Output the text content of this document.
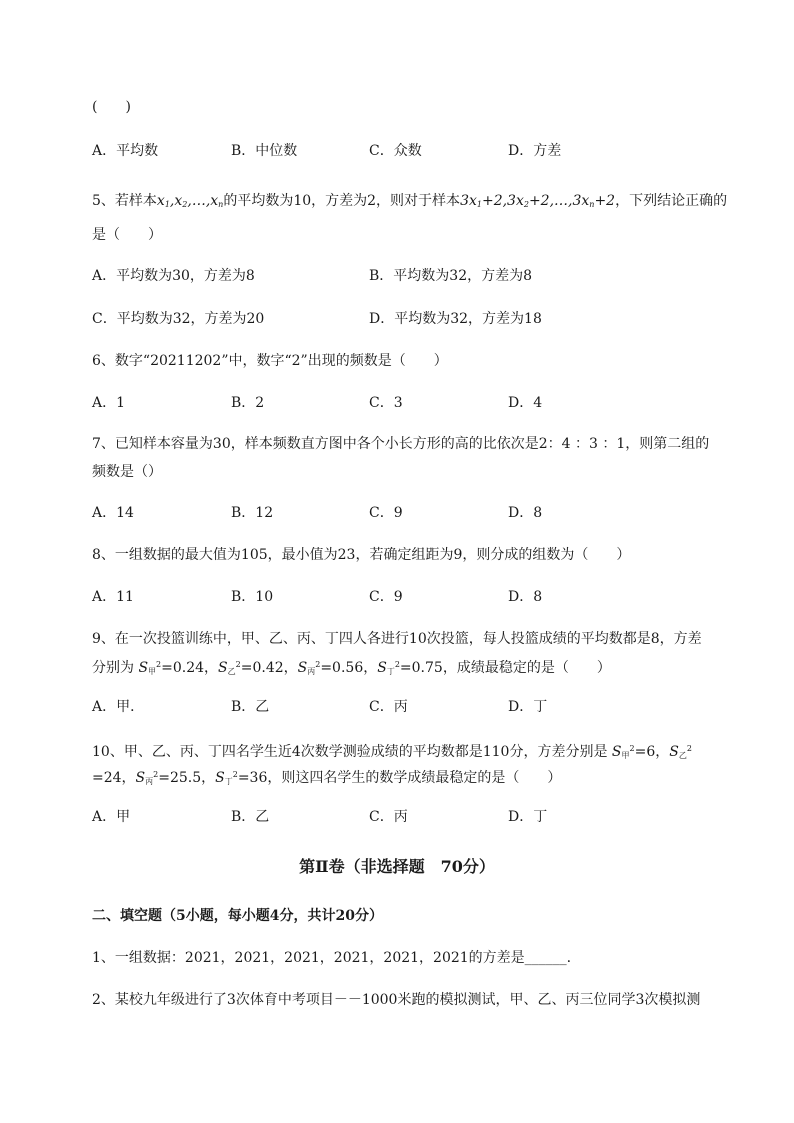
(　　)
A．平均数	B．中位数	C．众数	D．方差
5、若样本$x_1,x_2,\dots,x_n$的平均数为10，方差为2，则对于样本$3x_1+2,3x_2+2,\dots,3x_n+2$，下列结论正确的
是（　　）
A．平均数为30，方差为8	B．平均数为32，方差为8
C．平均数为32，方差为20	D．平均数为32，方差为18
6、数字“20211202”中，数字“2”出现的频数是（　　）
A．1	B．2	C．3	D．4
7、已知样本容量为30，样本频数直方图中各个小长方形的高的比依次是2：4 ：3 ：1，则第二组的
频数是（）
A．14	B．12	C．9	D．8
8、一组数据的最大值为105，最小值为23，若确定组距为9，则分成的组数为（　　）
A．11	B．10	C．9	D．8
9、在一次投篮训练中，甲、乙、丙、丁四人各进行10次投篮，每人投篮成绩的平均数都是8，方差
分别为 $S_甲^2=0.24$，$S_乙^2=0.42$，$S_丙^2=0.56$，$S_丁^2=0.75$，成绩最稳定的是（　　）
A．甲．	B．乙	C．丙	D．丁
10、甲、乙、丙、丁四名学生近4次数学测验成绩的平均数都是110分，方差分别是 $S_甲^2=6$，$S_乙^2$
=24，$S_丙^2=25.5$，$S_丁^2=36$，则这四名学生的数学成绩最稳定的是（　　）
A．甲	B．乙	C．丙	D．丁
第Ⅱ卷（非选择题　70分）
二、填空题（5小题，每小题4分，共计20分）
1、一组数据：2021，2021，2021，2021，2021，2021的方差是______.
2、某校九年级进行了3次体育中考项目－－1000米跑的模拟测试，甲、乙、丙三位同学3次模拟测
